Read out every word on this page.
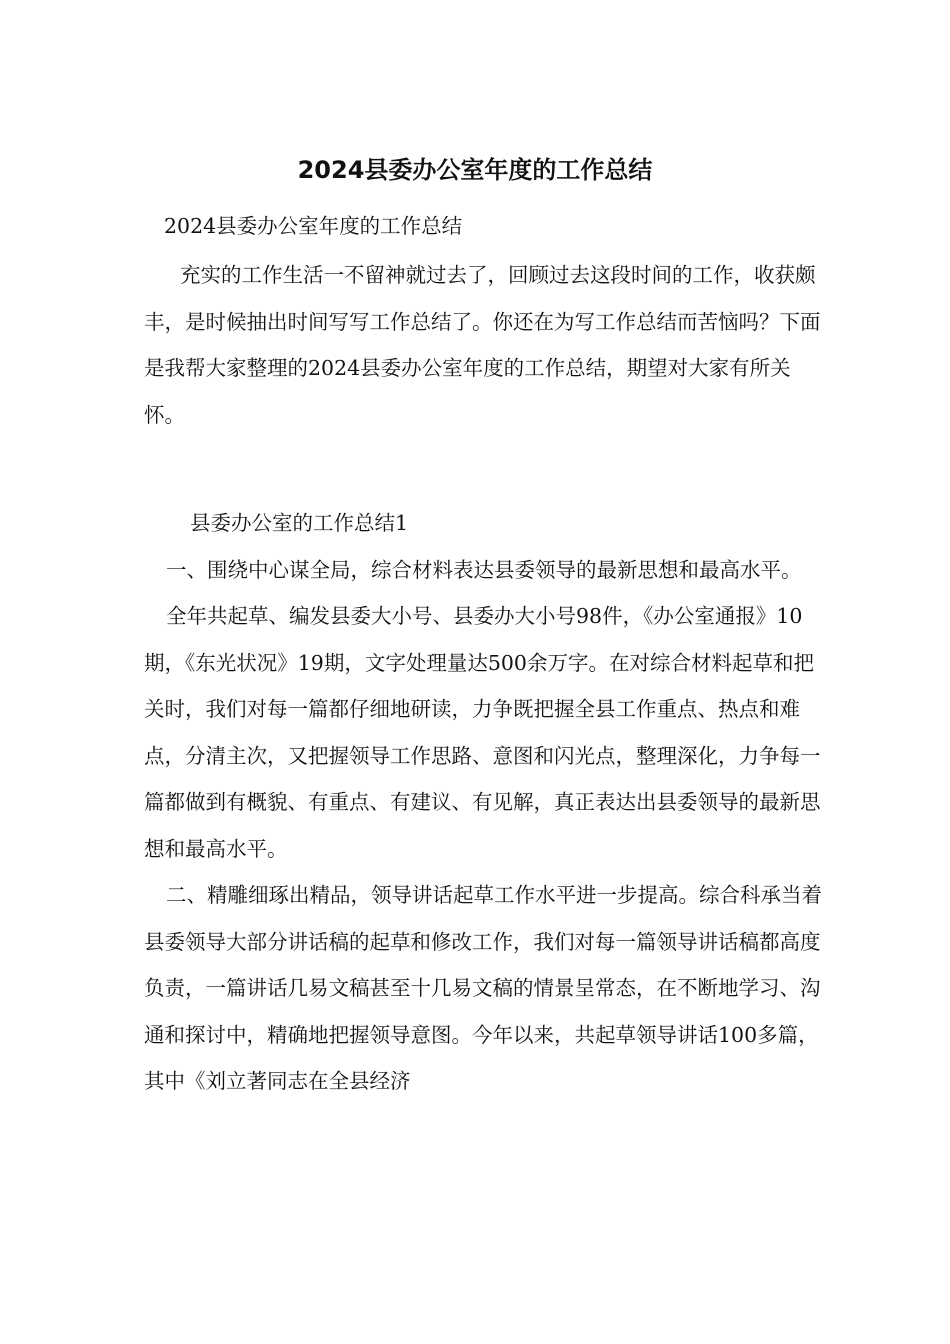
2024县委办公室年度的工作总结
2024县委办公室年度的工作总结

充实的工作生活一不留神就过去了，回顾过去这段时间的工作，收获颇丰，是时候抽出时间写写工作总结了。你还在为写工作总结而苦恼吗？下面是我帮大家整理的2024县委办公室年度的工作总结，期望对大家有所关怀。

县委办公室的工作总结1

一、围绕中心谋全局，综合材料表达县委领导的最新思想和最高水平。

全年共起草、编发县委大小号、县委办大小号98件，《办公室通报》10期，《东光状况》19期，文字处理量达500余万字。在对综合材料起草和把关时，我们对每一篇都仔细地研读，力争既把握全县工作重点、热点和难点，分清主次，又把握领导工作思路、意图和闪光点，整理深化，力争每一篇都做到有概貌、有重点、有建议、有见解，真正表达出县委领导的最新思想和最高水平。

二、精雕细琢出精品，领导讲话起草工作水平进一步提高。综合科承当着县委领导大部分讲话稿的起草和修改工作，我们对每一篇领导讲话稿都高度负责，一篇讲话几易文稿甚至十几易文稿的情景呈常态，在不断地学习、沟通和探讨中，精确地把握领导意图。今年以来，共起草领导讲话100多篇，其中《刘立著同志在全县经济
